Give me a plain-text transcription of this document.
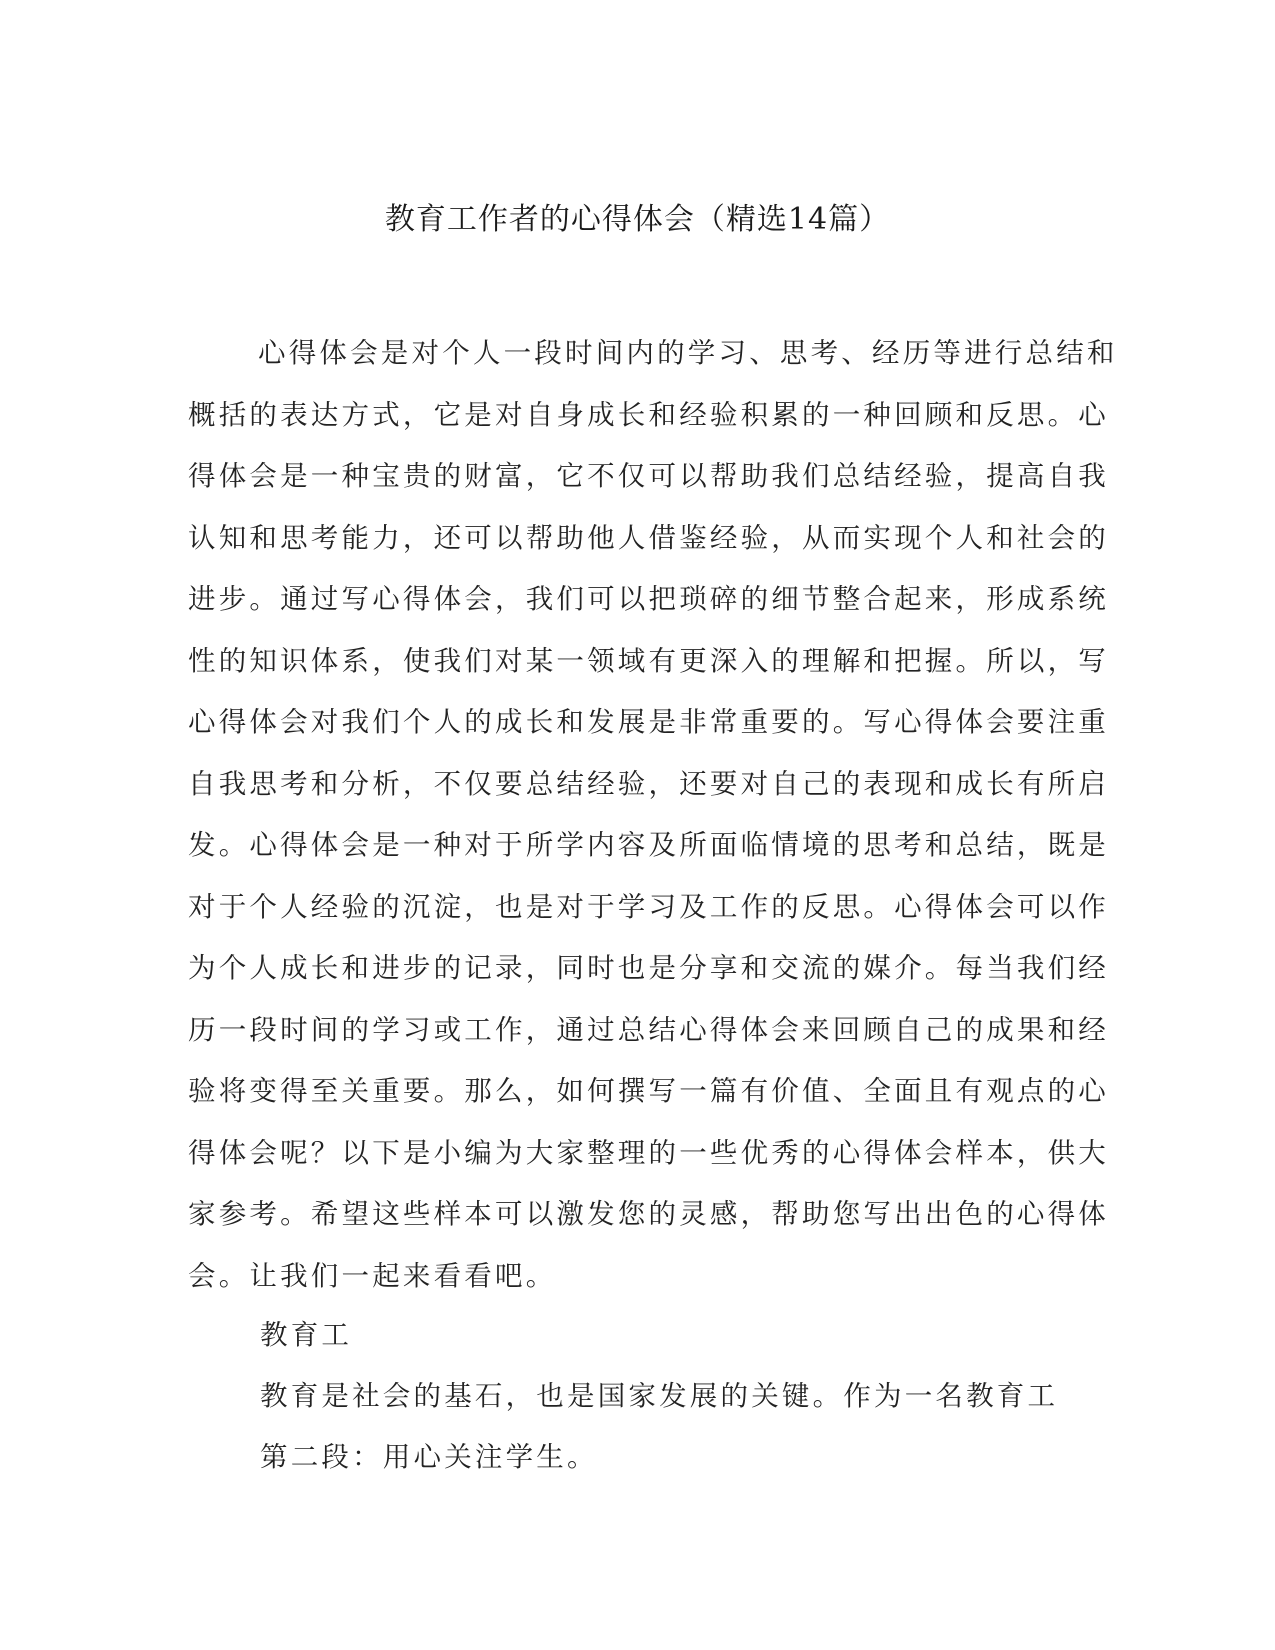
教育工作者的心得体会（精选14篇）
心得体会是对个人一段时间内的学习、思考、经历等进行总结和
概括的表达方式，它是对自身成长和经验积累的一种回顾和反思。心
得体会是一种宝贵的财富，它不仅可以帮助我们总结经验，提高自我
认知和思考能力，还可以帮助他人借鉴经验，从而实现个人和社会的
进步。通过写心得体会，我们可以把琐碎的细节整合起来，形成系统
性的知识体系，使我们对某一领域有更深入的理解和把握。所以，写
心得体会对我们个人的成长和发展是非常重要的。写心得体会要注重
自我思考和分析，不仅要总结经验，还要对自己的表现和成长有所启
发。心得体会是一种对于所学内容及所面临情境的思考和总结，既是
对于个人经验的沉淀，也是对于学习及工作的反思。心得体会可以作
为个人成长和进步的记录，同时也是分享和交流的媒介。每当我们经
历一段时间的学习或工作，通过总结心得体会来回顾自己的成果和经
验将变得至关重要。那么，如何撰写一篇有价值、全面且有观点的心
得体会呢？以下是小编为大家整理的一些优秀的心得体会样本，供大
家参考。希望这些样本可以激发您的灵感，帮助您写出出色的心得体
会。让我们一起来看看吧。
教育工
教育是社会的基石，也是国家发展的关键。作为一名教育工
第二段：用心关注学生。
